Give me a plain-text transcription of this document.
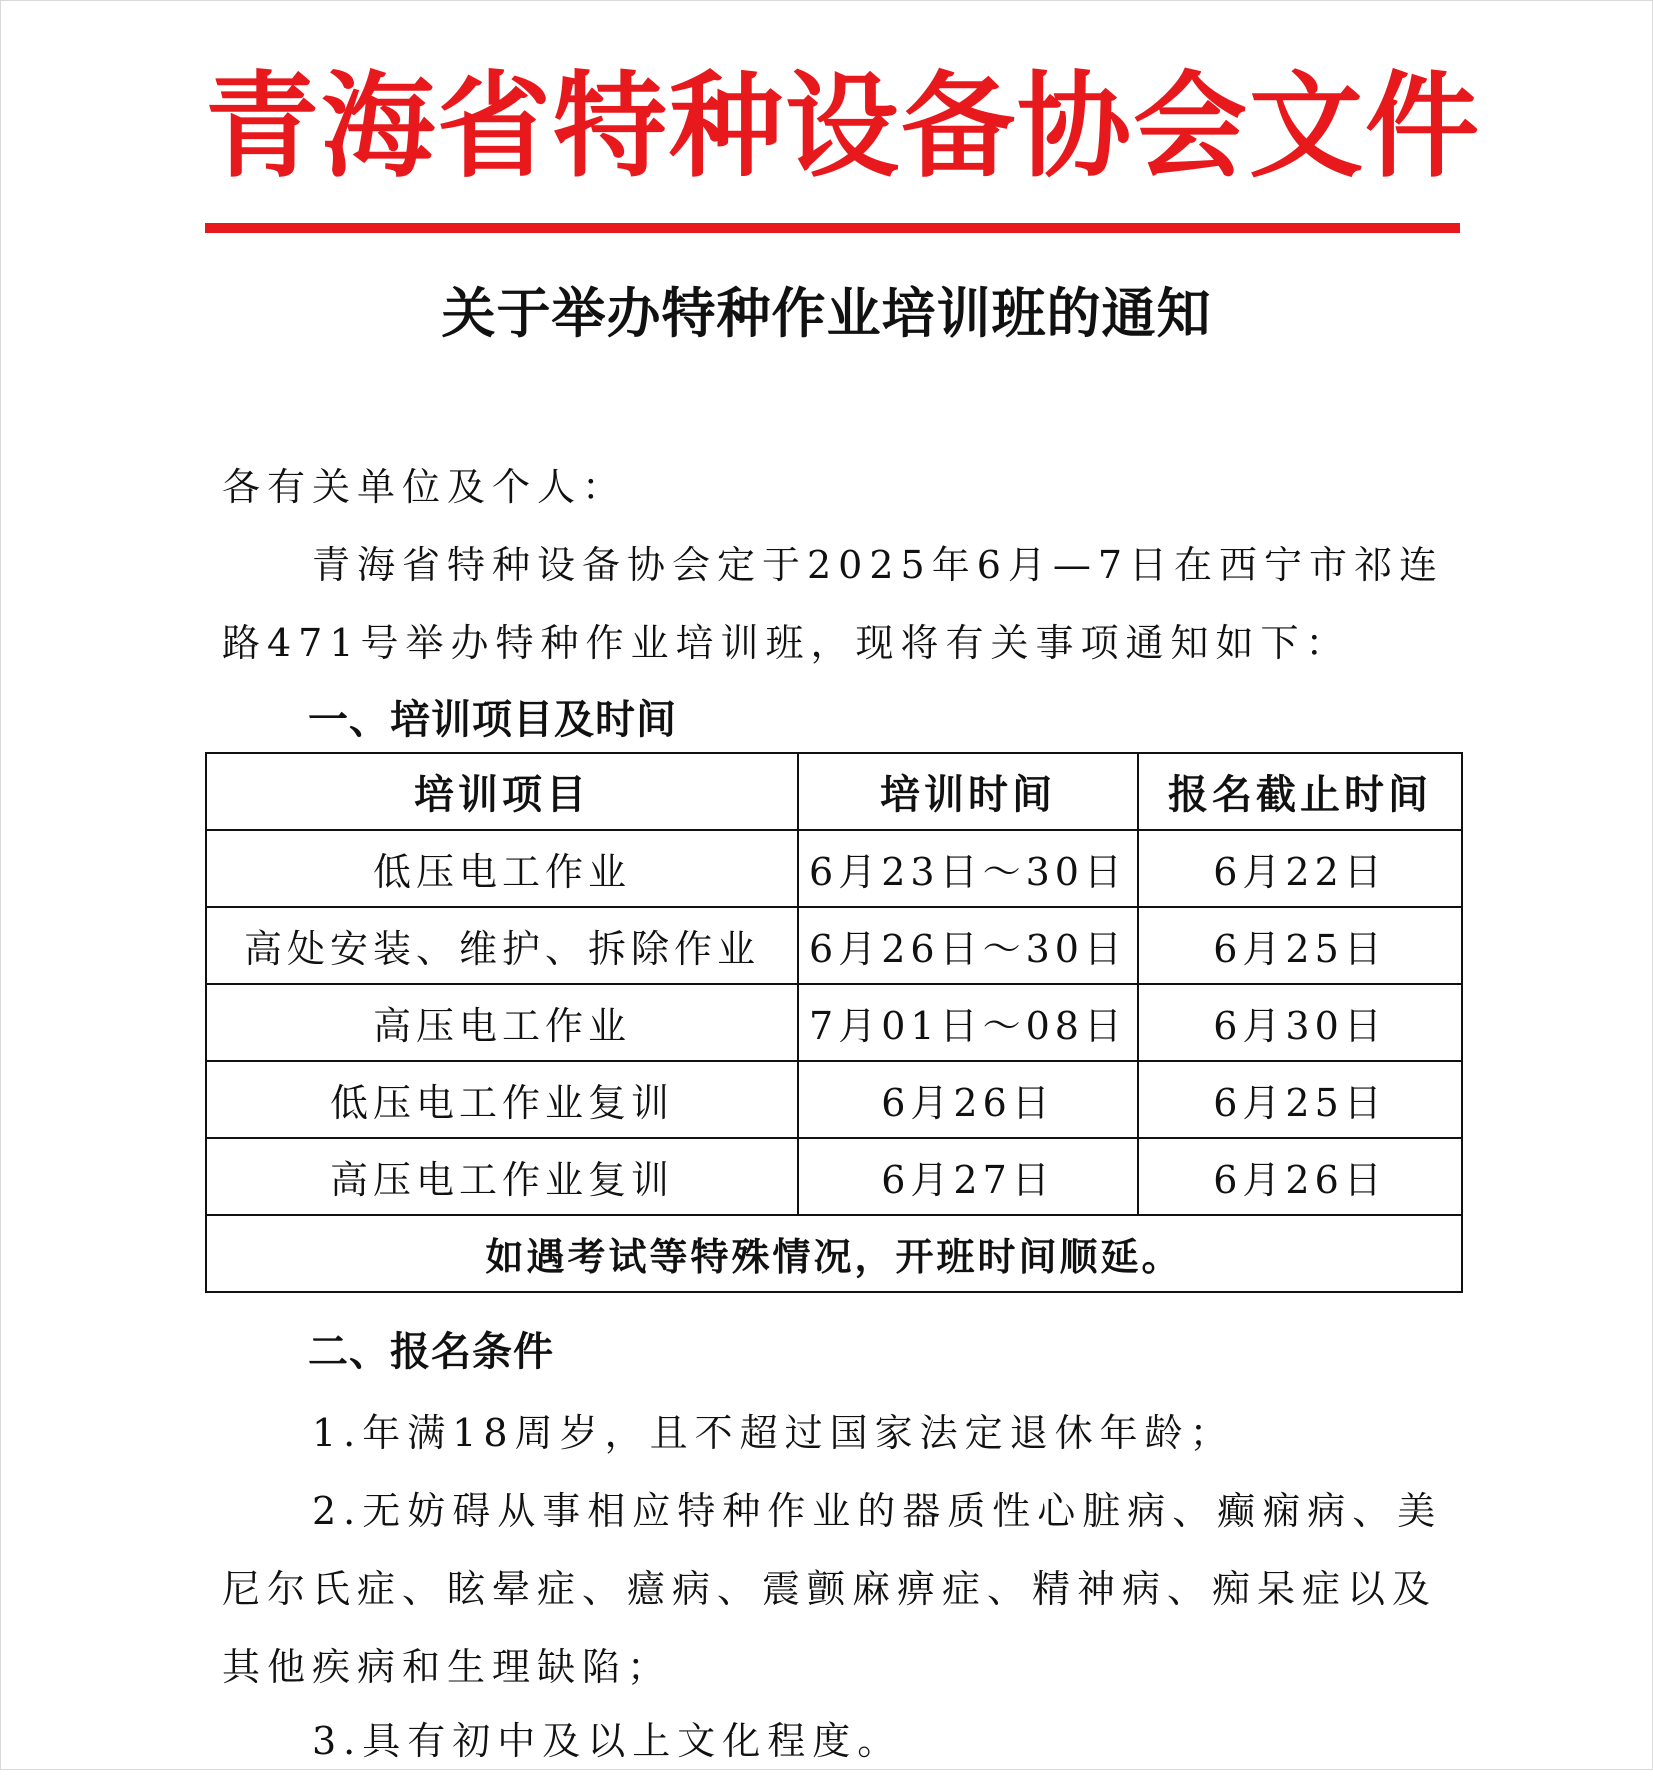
青海省特种设备协会文件
关于举办特种作业培训班的通知

各有关单位及个人：

青海省特种设备协会定于2025年6月—7日在西宁市祁连

路471号举办特种作业培训班，现将有关事项通知如下：

一、培训项目及时间
培训项目	培训时间	报名截止时间
低压电工作业	6月23日～30日	6月22日
高处安装、维护、拆除作业	6月26日～30日	6月25日
高压电工作业	7月01日～08日	6月30日
低压电工作业复训	6月26日	6月25日
高压电工作业复训	6月27日	6月26日
如遇考试等特殊情况，开班时间顺延。		
二、报名条件

1.年满18周岁，且不超过国家法定退休年龄；

2.无妨碍从事相应特种作业的器质性心脏病、癫痫病、美

尼尔氏症、眩晕症、癔病、震颤麻痹症、精神病、痴呆症以及

其他疾病和生理缺陷；

3.具有初中及以上文化程度。
